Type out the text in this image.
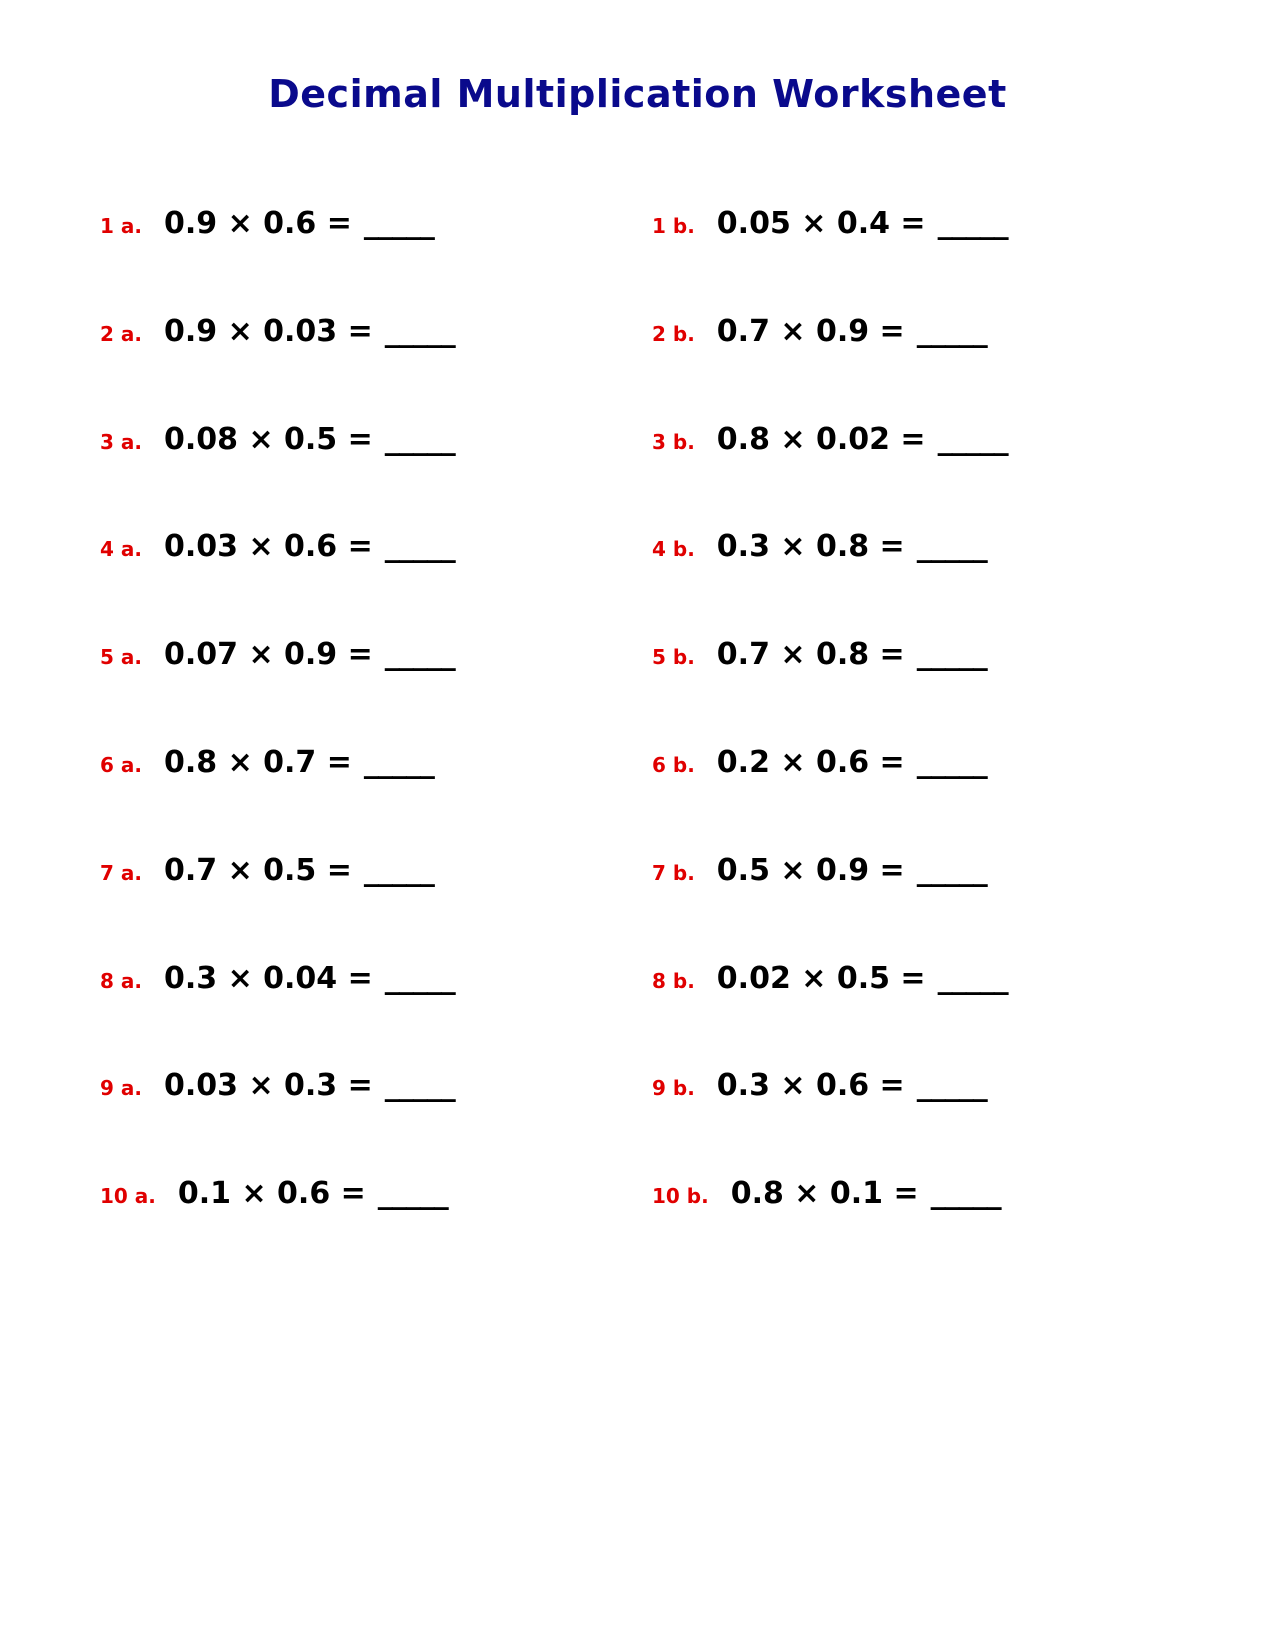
Decimal Multiplication Worksheet
1 a. 0.9 × 0.6 = _____	1 b. 0.05 × 0.4 = _____
2 a. 0.9 × 0.03 = _____	2 b. 0.7 × 0.9 = _____
3 a. 0.08 × 0.5 = _____	3 b. 0.8 × 0.02 = _____
4 a. 0.03 × 0.6 = _____	4 b. 0.3 × 0.8 = _____
5 a. 0.07 × 0.9 = _____	5 b. 0.7 × 0.8 = _____
6 a. 0.8 × 0.7 = _____	6 b. 0.2 × 0.6 = _____
7 a. 0.7 × 0.5 = _____	7 b. 0.5 × 0.9 = _____
8 a. 0.3 × 0.04 = _____	8 b. 0.02 × 0.5 = _____
9 a. 0.03 × 0.3 = _____	9 b. 0.3 × 0.6 = _____
10 a. 0.1 × 0.6 = _____	10 b. 0.8 × 0.1 = _____
